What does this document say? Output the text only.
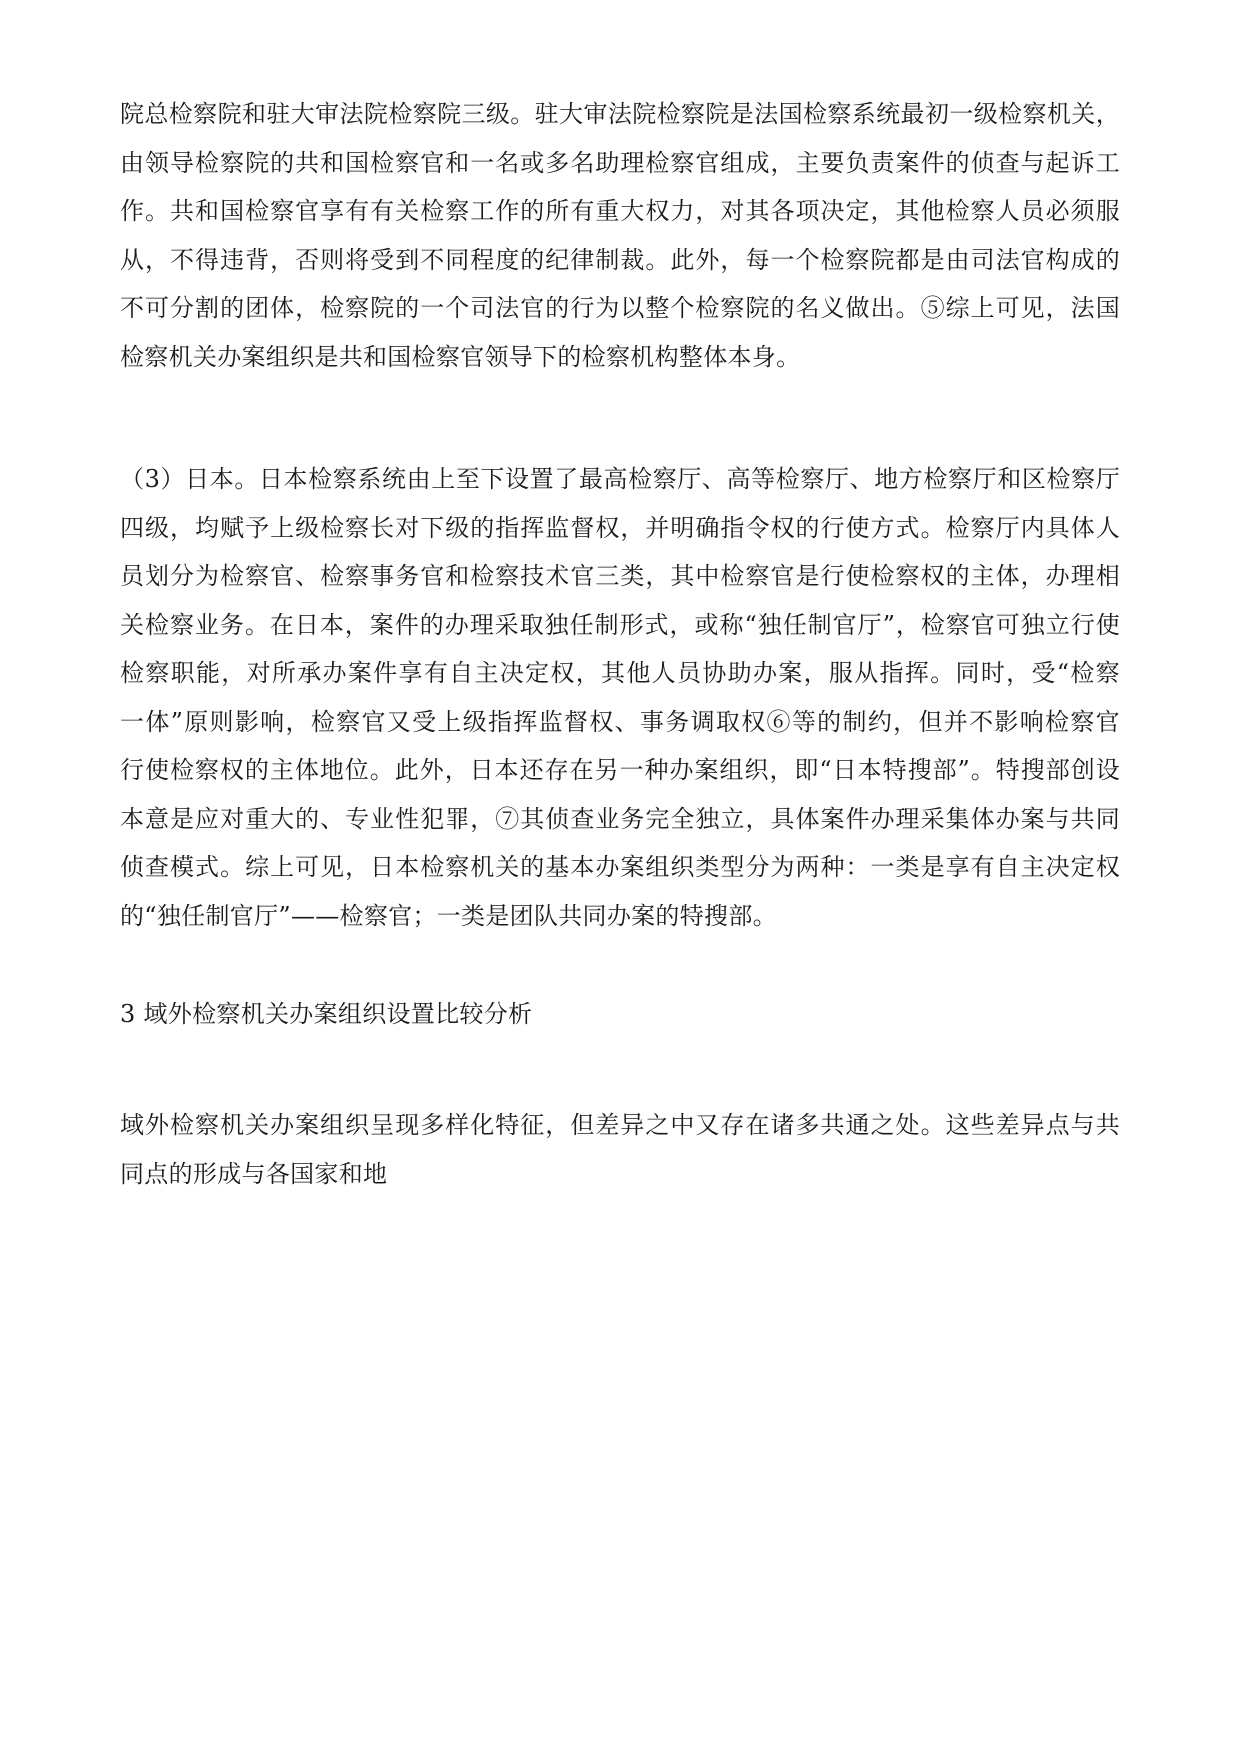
院总检察院和驻大审法院检察院三级。驻大审法院检察院是法国检察系统最初一级检察机关，
由领导检察院的共和国检察官和一名或多名助理检察官组成，主要负责案件的侦查与起诉工
作。共和国检察官享有有关检察工作的所有重大权力，对其各项决定，其他检察人员必须服
从，不得违背，否则将受到不同程度的纪律制裁。此外，每一个检察院都是由司法官构成的
不可分割的团体，检察院的一个司法官的行为以整个检察院的名义做出。⑤综上可见，法国
检察机关办案组织是共和国检察官领导下的检察机构整体本身。
（3）日本。日本检察系统由上至下设置了最高检察厅、高等检察厅、地方检察厅和区检察厅
四级，均赋予上级检察长对下级的指挥监督权，并明确指令权的行使方式。检察厅内具体人
员划分为检察官、检察事务官和检察技术官三类，其中检察官是行使检察权的主体，办理相
关检察业务。在日本，案件的办理采取独任制形式，或称“独任制官厅”，检察官可独立行使
检察职能，对所承办案件享有自主决定权，其他人员协助办案，服从指挥。同时，受“检察
一体”原则影响，检察官又受上级指挥监督权、事务调取权⑥等的制约，但并不影响检察官
行使检察权的主体地位。此外，日本还存在另一种办案组织，即“日本特搜部”。特搜部创设
本意是应对重大的、专业性犯罪，⑦其侦查业务完全独立，具体案件办理采集体办案与共同
侦查模式。综上可见，日本检察机关的基本办案组织类型分为两种：一类是享有自主决定权
的“独任制官厅”——检察官；一类是团队共同办案的特搜部。
3 域外检察机关办案组织设置比较分析
域外检察机关办案组织呈现多样化特征，但差异之中又存在诸多共通之处。这些差异点与共
同点的形成与各国家和地
